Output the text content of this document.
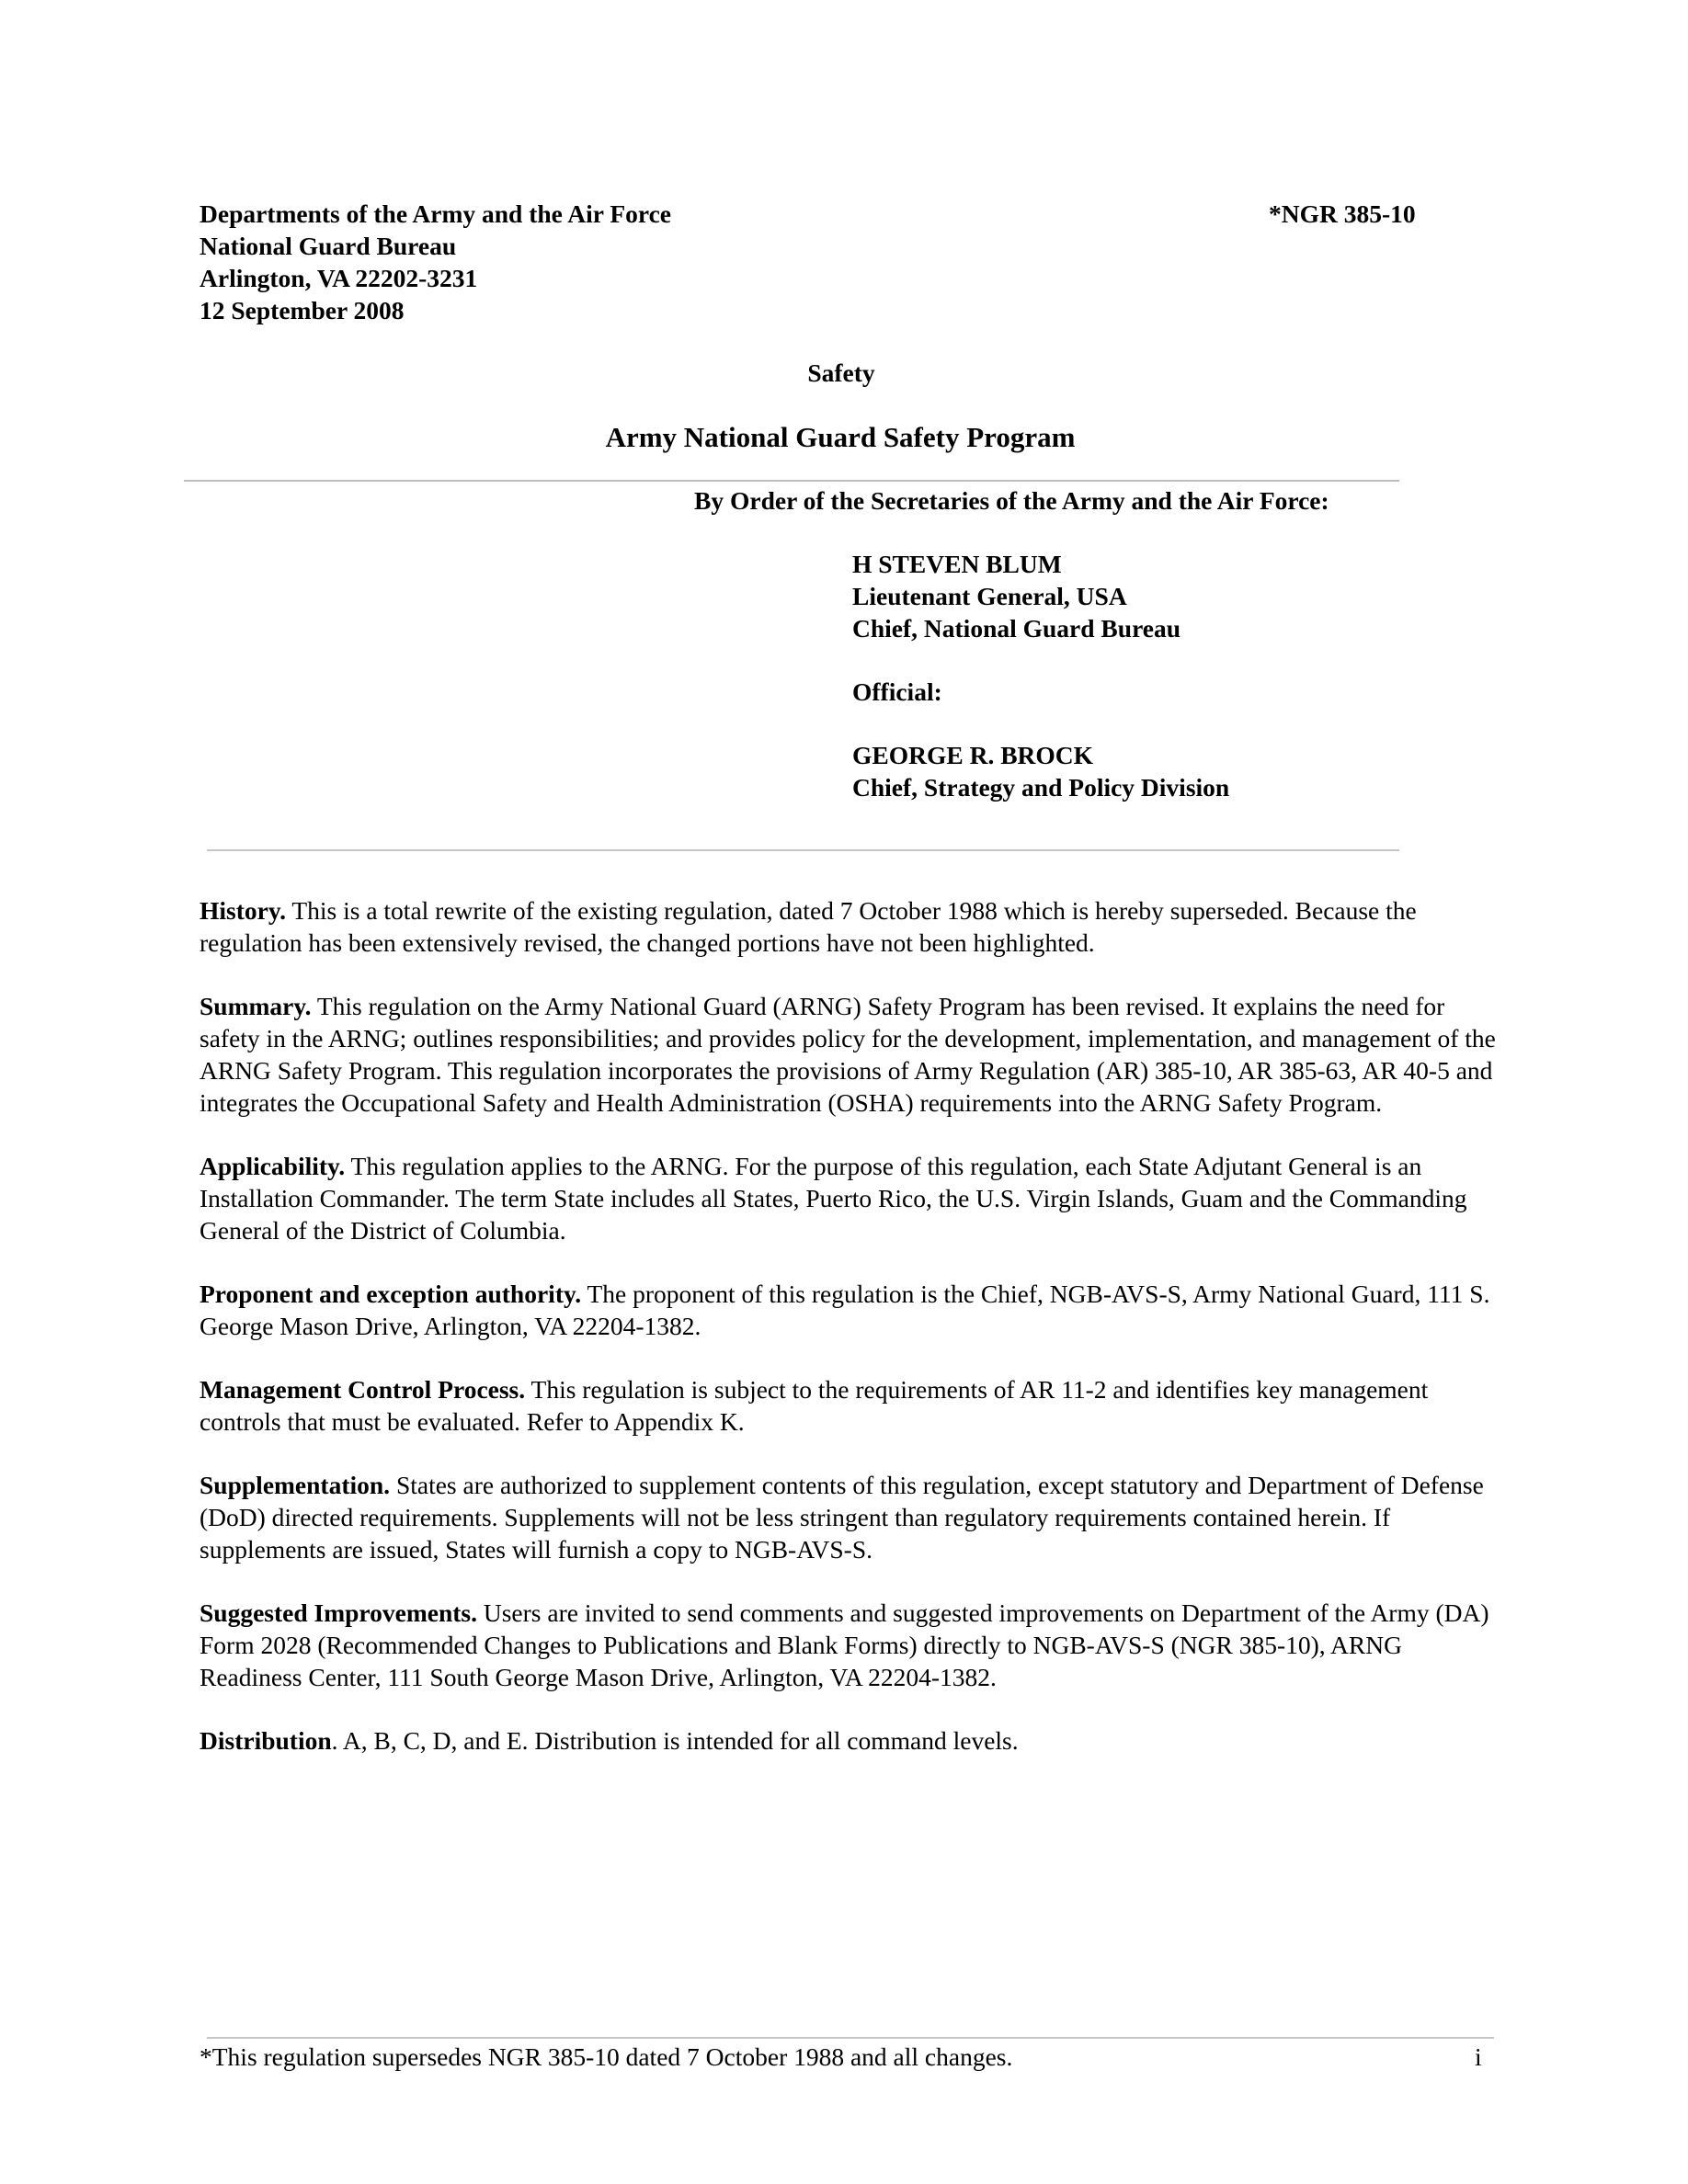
Departments of the Army and the Air Force
National Guard Bureau
Arlington, VA 22202-3231
12 September 2008
*NGR 385-10
Safety
Army National Guard Safety Program
By Order of the Secretaries of the Army and the Air Force:
H STEVEN BLUM
Lieutenant General, USA
Chief, National Guard Bureau
Official:
GEORGE R. BROCK
Chief, Strategy and Policy Division

History. This is a total rewrite of the existing regulation, dated 7 October 1988 which is hereby superseded. Because the regulation has been extensively revised, the changed portions have not been highlighted.

Summary. This regulation on the Army National Guard (ARNG) Safety Program has been revised. It explains the need for safety in the ARNG; outlines responsibilities; and provides policy for the development, implementation, and management of the ARNG Safety Program. This regulation incorporates the provisions of Army Regulation (AR) 385-10, AR 385-63, AR 40-5 and integrates the Occupational Safety and Health Administration (OSHA) requirements into the ARNG Safety Program.

Applicability. This regulation applies to the ARNG. For the purpose of this regulation, each State Adjutant General is an Installation Commander. The term State includes all States, Puerto Rico, the U.S. Virgin Islands, Guam and the Commanding General of the District of Columbia.

Proponent and exception authority. The proponent of this regulation is the Chief, NGB-AVS-S, Army National Guard, 111 S. George Mason Drive, Arlington, VA 22204-1382.

Management Control Process. This regulation is subject to the requirements of AR 11-2 and identifies key management controls that must be evaluated. Refer to Appendix K.

Supplementation. States are authorized to supplement contents of this regulation, except statutory and Department of Defense (DoD) directed requirements. Supplements will not be less stringent than regulatory requirements contained herein. If supplements are issued, States will furnish a copy to NGB-AVS-S.

Suggested Improvements. Users are invited to send comments and suggested improvements on Department of the Army (DA) Form 2028 (Recommended Changes to Publications and Blank Forms) directly to NGB-AVS-S (NGR 385-10), ARNG Readiness Center, 111 South George Mason Drive, Arlington, VA 22204-1382.

Distribution. A, B, C, D, and E. Distribution is intended for all command levels.

*This regulation supersedes NGR 385-10 dated 7 October 1988 and all changes.	i
